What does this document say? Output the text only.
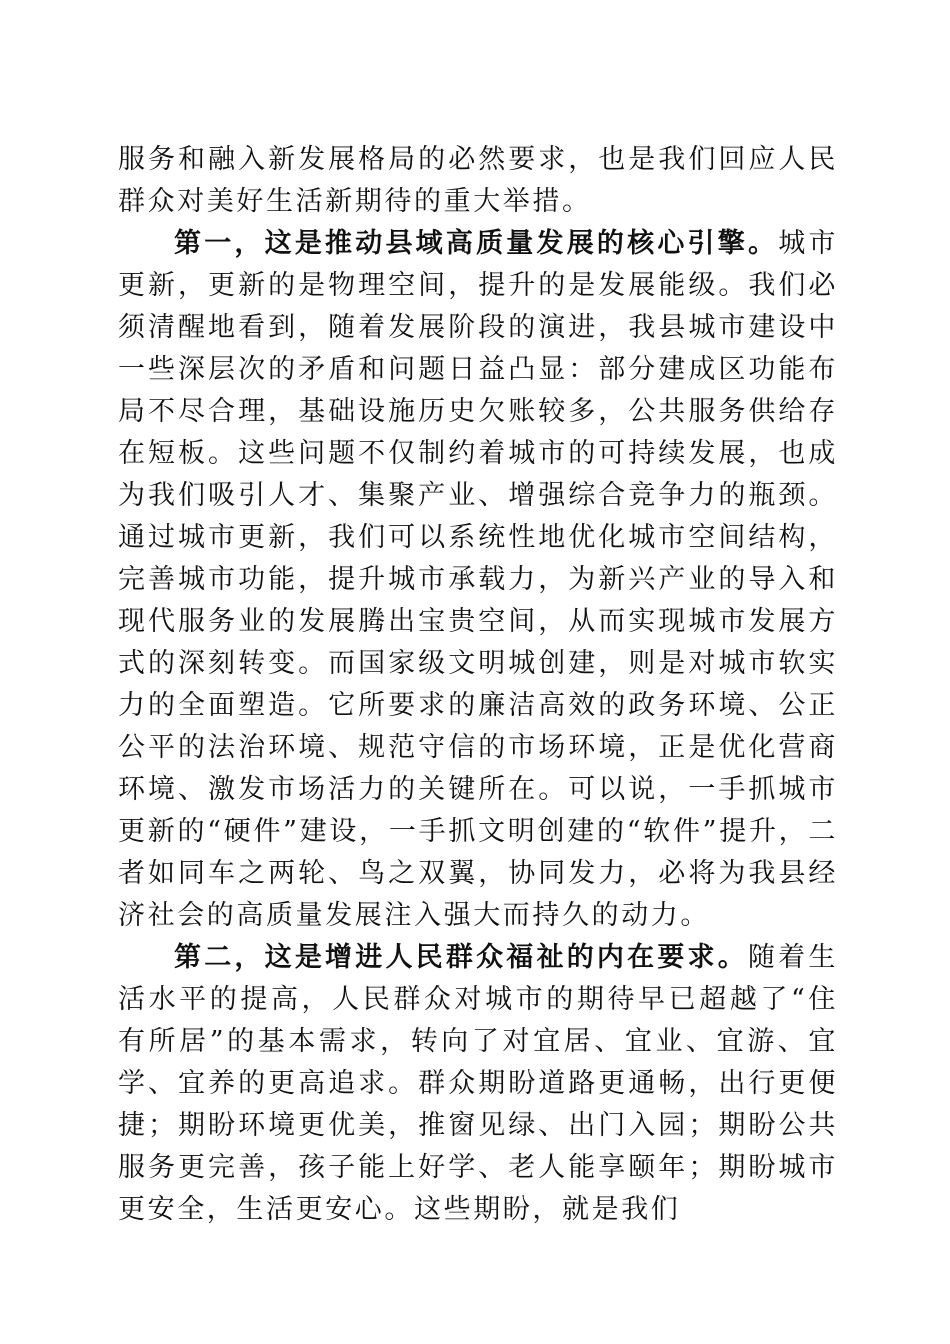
服务和融入新发展格局的必然要求，也是我们回应人民群众对美好生活新期待的重大举措。

第一，这是推动县域高质量发展的核心引擎。城市更新，更新的是物理空间，提升的是发展能级。我们必须清醒地看到，随着发展阶段的演进，我县城市建设中一些深层次的矛盾和问题日益凸显：部分建成区功能布局不尽合理，基础设施历史欠账较多，公共服务供给存在短板。这些问题不仅制约着城市的可持续发展，也成为我们吸引人才、集聚产业、增强综合竞争力的瓶颈。通过城市更新，我们可以系统性地优化城市空间结构，完善城市功能，提升城市承载力，为新兴产业的导入和现代服务业的发展腾出宝贵空间，从而实现城市发展方式的深刻转变。而国家级文明城创建，则是对城市软实力的全面塑造。它所要求的廉洁高效的政务环境、公正公平的法治环境、规范守信的市场环境，正是优化营商环境、激发市场活力的关键所在。可以说，一手抓城市更新的“硬件”建设，一手抓文明创建的“软件”提升，二者如同车之两轮、鸟之双翼，协同发力，必将为我县经济社会的高质量发展注入强大而持久的动力。

第二，这是增进人民群众福祉的内在要求。随着生活水平的提高，人民群众对城市的期待早已超越了“住有所居”的基本需求，转向了对宜居、宜业、宜游、宜学、宜养的更高追求。群众期盼道路更通畅，出行更便捷；期盼环境更优美，推窗见绿、出门入园；期盼公共服务更完善，孩子能上好学、老人能享颐年；期盼城市更安全，生活更安心。这些期盼，就是我们
